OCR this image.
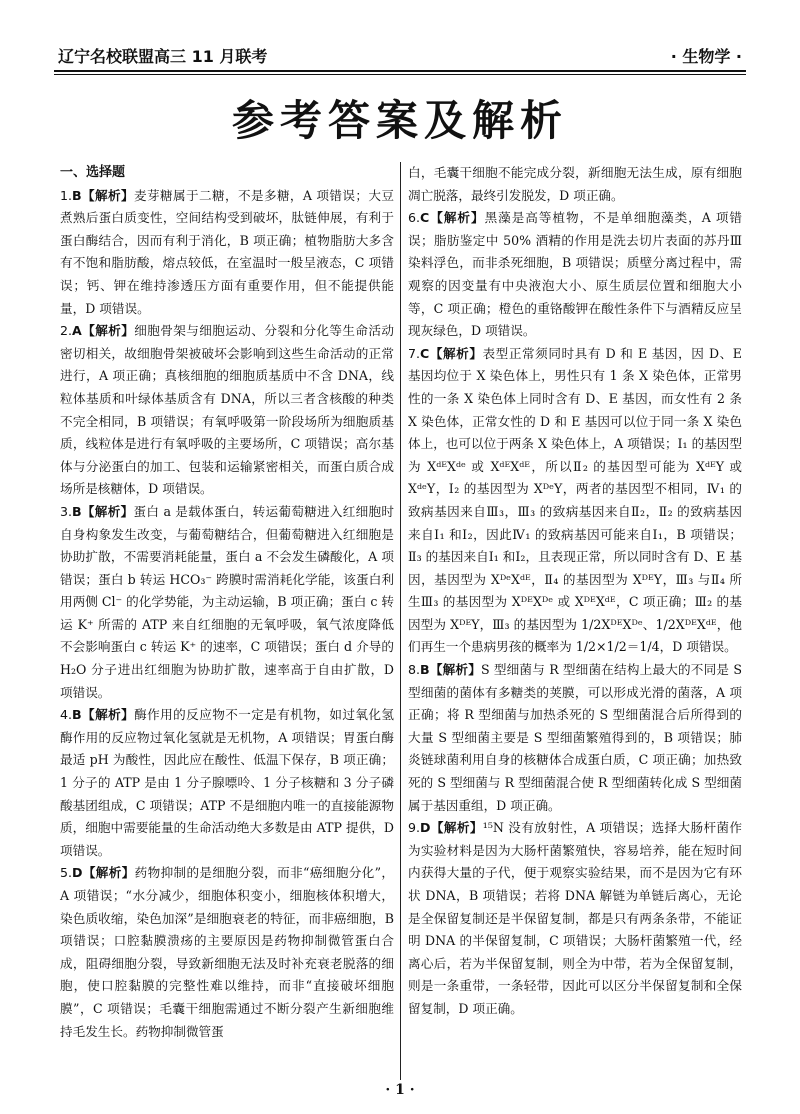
辽宁名校联盟高三 11 月联考	· 生物学 ·
参考答案及解析
一、选择题

1.B【解析】麦芽糖属于二糖，不是多糖，A 项错误；大豆煮熟后蛋白质变性，空间结构受到破坏，肽链伸展，有利于蛋白酶结合，因而有利于消化，B 项正确；植物脂肪大多含有不饱和脂肪酸，熔点较低，在室温时一般呈液态，C 项错误；钙、钾在维持渗透压方面有重要作用，但不能提供能量，D 项错误。

2.A【解析】细胞骨架与细胞运动、分裂和分化等生命活动密切相关，故细胞骨架被破坏会影响到这些生命活动的正常进行，A 项正确；真核细胞的细胞质基质中不含 DNA，线粒体基质和叶绿体基质含有 DNA，所以三者含核酸的种类不完全相同，B 项错误；有氧呼吸第一阶段场所为细胞质基质，线粒体是进行有氧呼吸的主要场所，C 项错误；高尔基体与分泌蛋白的加工、包装和运输紧密相关，而蛋白质合成场所是核糖体，D 项错误。

3.B【解析】蛋白 a 是载体蛋白，转运葡萄糖进入红细胞时自身构象发生改变，与葡萄糖结合，但葡萄糖进入红细胞是协助扩散，不需要消耗能量，蛋白 a 不会发生磷酸化，A 项错误；蛋白 b 转运 HCO₃⁻ 跨膜时需消耗化学能，该蛋白利用两侧 Cl⁻ 的化学势能，为主动运输，B 项正确；蛋白 c 转运 K⁺ 所需的 ATP 来自红细胞的无氧呼吸，氧气浓度降低不会影响蛋白 c 转运 K⁺ 的速率，C 项错误；蛋白 d 介导的 H₂O 分子进出红细胞为协助扩散，速率高于自由扩散，D 项错误。

4.B【解析】酶作用的反应物不一定是有机物，如过氧化氢酶作用的反应物过氧化氢就是无机物，A 项错误；胃蛋白酶最适 pH 为酸性，因此应在酸性、低温下保存，B 项正确；1 分子的 ATP 是由 1 分子腺嘌呤、1 分子核糖和 3 分子磷酸基团组成，C 项错误；ATP 不是细胞内唯一的直接能源物质，细胞中需要能量的生命活动绝大多数是由 ATP 提供，D 项错误。

5.D【解析】药物抑制的是细胞分裂，而非“癌细胞分化”，A 项错误；“水分减少，细胞体积变小，细胞核体积增大，染色质收缩，染色加深”是细胞衰老的特征，而非癌细胞，B 项错误；口腔黏膜溃疡的主要原因是药物抑制微管蛋白合成，阻碍细胞分裂，导致新细胞无法及时补充衰老脱落的细胞，使口腔黏膜的完整性难以维持，而非“直接破坏细胞膜”，C 项错误；毛囊干细胞需通过不断分裂产生新细胞维持毛发生长。药物抑制微管蛋

白，毛囊干细胞不能完成分裂，新细胞无法生成，原有细胞凋亡脱落，最终引发脱发，D 项正确。

6.C【解析】黑藻是高等植物，不是单细胞藻类，A 项错误；脂肪鉴定中 50% 酒精的作用是洗去切片表面的苏丹Ⅲ染料浮色，而非杀死细胞，B 项错误；质壁分离过程中，需观察的因变量有中央液泡大小、原生质层位置和细胞大小等，C 项正确；橙色的重铬酸钾在酸性条件下与酒精反应呈现灰绿色，D 项错误。

7.C【解析】表型正常须同时具有 D 和 E 基因，因 D、E 基因均位于 X 染色体上，男性只有 1 条 X 染色体，正常男性的一条 X 染色体上同时含有 D、E 基因，而女性有 2 条 X 染色体，正常女性的 D 和 E 基因可以位于同一条 X 染色体上，也可以位于两条 X 染色体上，A 项错误；Ⅰ₁ 的基因型为 XᵈᴱXᵈᵉ 或 XᵈᴱXᵈᴱ，所以Ⅱ₂ 的基因型可能为 XᵈᴱY 或 XᵈᵉY，Ⅰ₂ 的基因型为 XᴰᵉY，两者的基因型不相同，Ⅳ₁ 的致病基因来自Ⅲ₃，Ⅲ₃ 的致病基因来自Ⅱ₂，Ⅱ₂ 的致病基因来自Ⅰ₁ 和Ⅰ₂，因此Ⅳ₁ 的致病基因可能来自Ⅰ₁，B 项错误；Ⅱ₃ 的基因来自Ⅰ₁ 和Ⅰ₂，且表现正常，所以同时含有 D、E 基因，基因型为 XᴰᵉXᵈᴱ，Ⅱ₄ 的基因型为 XᴰᴱY，Ⅲ₃ 与Ⅱ₄ 所生Ⅲ₃ 的基因型为 XᴰᴱXᴰᵉ 或 XᴰᴱXᵈᴱ，C 项正确；Ⅲ₂ 的基因型为 XᴰᴱY，Ⅲ₃ 的基因型为 1/2XᴰᴱXᴰᵉ、1/2XᴰᴱXᵈᴱ，他们再生一个患病男孩的概率为 1/2×1/2＝1/4，D 项错误。

8.B【解析】S 型细菌与 R 型细菌在结构上最大的不同是 S 型细菌的菌体有多糖类的荚膜，可以形成光滑的菌落，A 项正确；将 R 型细菌与加热杀死的 S 型细菌混合后所得到的大量 S 型细菌主要是 S 型细菌繁殖得到的，B 项错误；肺炎链球菌利用自身的核糖体合成蛋白质，C 项正确；加热致死的 S 型细菌与 R 型细菌混合使 R 型细菌转化成 S 型细菌属于基因重组，D 项正确。

9.D【解析】¹⁵N 没有放射性，A 项错误；选择大肠杆菌作为实验材料是因为大肠杆菌繁殖快，容易培养，能在短时间内获得大量的子代，便于观察实验结果，而不是因为它有环状 DNA，B 项错误；若将 DNA 解链为单链后离心，无论是全保留复制还是半保留复制，都是只有两条条带，不能证明 DNA 的半保留复制，C 项错误；大肠杆菌繁殖一代，经离心后，若为半保留复制，则全为中带，若为全保留复制，则是一条重带，一条轻带，因此可以区分半保留复制和全保留复制，D 项正确。

· 1 ·
